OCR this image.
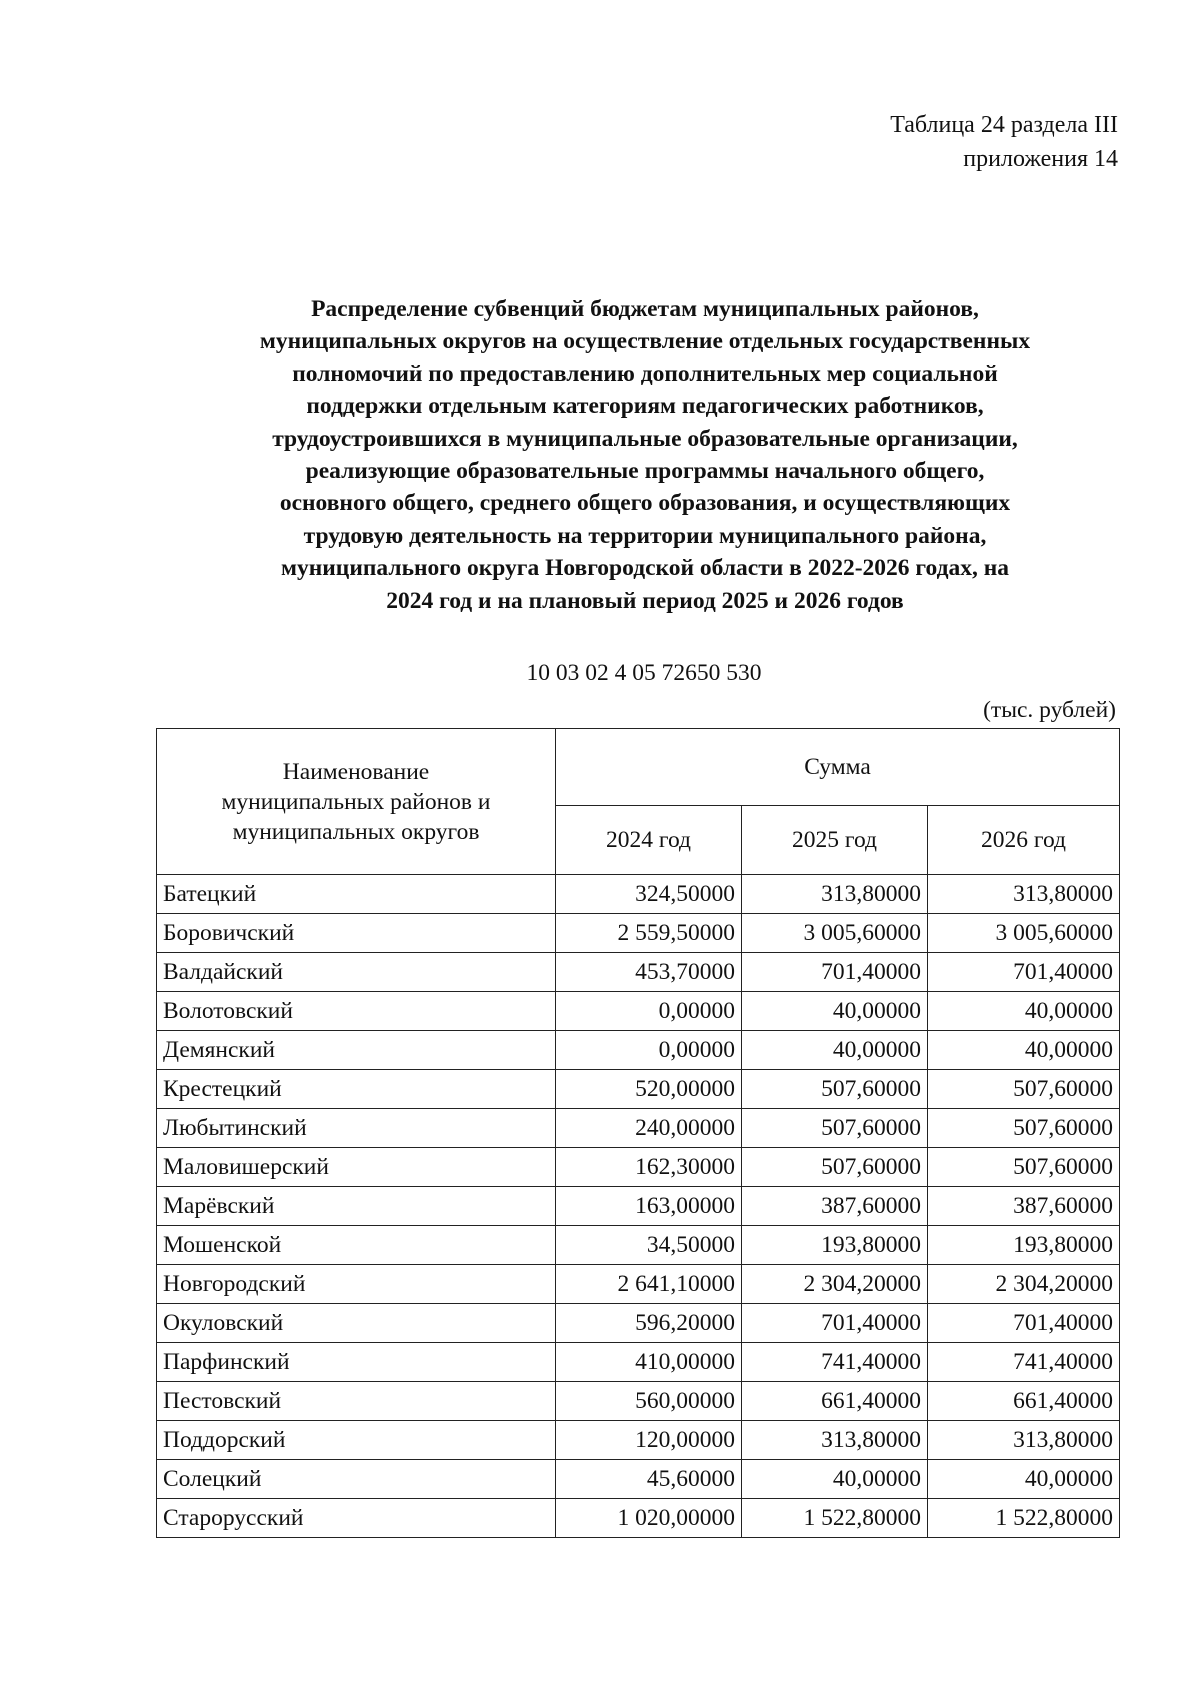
Таблица 24 раздела III
приложения 14
Распределение субвенций бюджетам муниципальных районов,
муниципальных округов на осуществление отдельных государственных
полномочий по предоставлению дополнительных мер социальной
поддержки отдельным категориям педагогических работников,
трудоустроившихся в муниципальные образовательные организации,
реализующие образовательные программы начального общего,
основного общего, среднего общего образования, и осуществляющих
трудовую деятельность на территории муниципального района,
муниципального округа Новгородской области в 2022-2026 годах, на
2024 год и на плановый период 2025 и 2026 годов
10 03 02 4 05 72650 530
(тыс. рублей)
Наименование
муниципальных районов и
муниципальных округов	Сумма		
	2024 год	2025 год	2026 год
Батецкий	324,50000	313,80000	313,80000
Боровичский	2 559,50000	3 005,60000	3 005,60000
Валдайский	453,70000	701,40000	701,40000
Волотовский	0,00000	40,00000	40,00000
Демянский	0,00000	40,00000	40,00000
Крестецкий	520,00000	507,60000	507,60000
Любытинский	240,00000	507,60000	507,60000
Маловишерский	162,30000	507,60000	507,60000
Марёвский	163,00000	387,60000	387,60000
Мошенской	34,50000	193,80000	193,80000
Новгородский	2 641,10000	2 304,20000	2 304,20000
Окуловский	596,20000	701,40000	701,40000
Парфинский	410,00000	741,40000	741,40000
Пестовский	560,00000	661,40000	661,40000
Поддорский	120,00000	313,80000	313,80000
Солецкий	45,60000	40,00000	40,00000
Старорусский	1 020,00000	1 522,80000	1 522,80000
